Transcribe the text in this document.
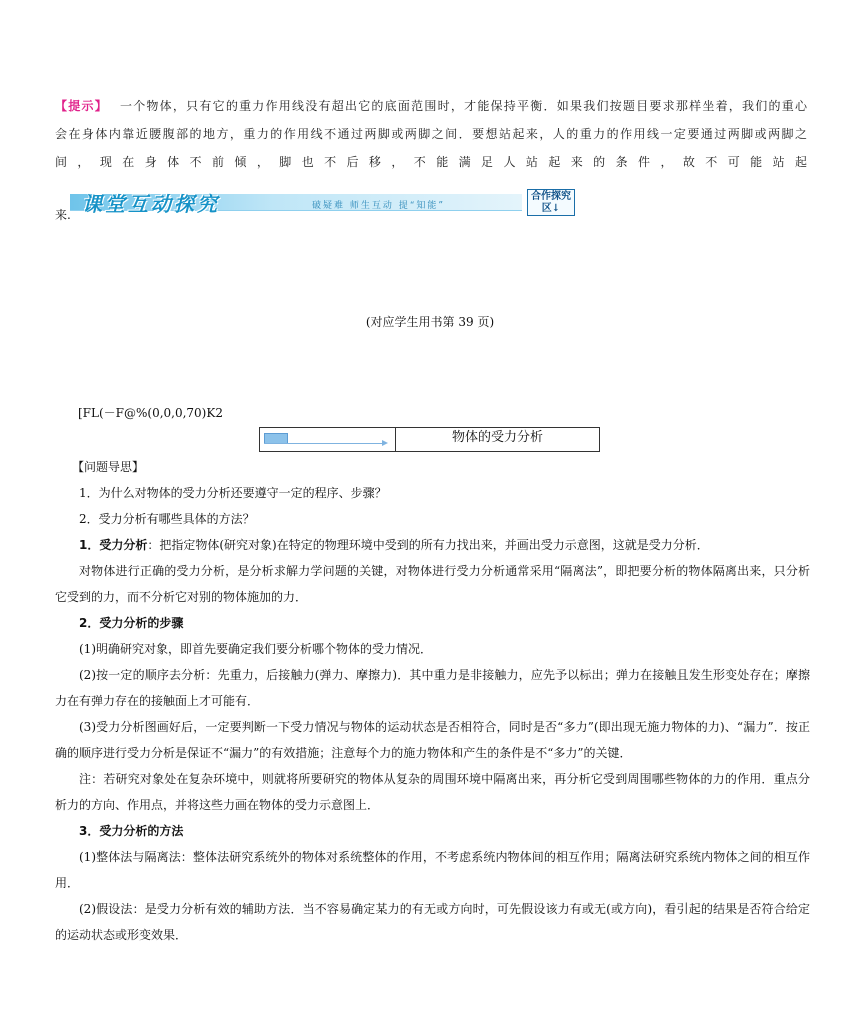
【提示】 一个物体，只有它的重力作用线没有超出它的底面范围时，才能保持平衡．如果我们按题目要求那样坐着，我们的重心会在身体内靠近腰腹部的地方，重力的作用线不通过两脚或两脚之间．要想站起来，人的重力的作用线一定要通过两脚或两脚之间，现在身体不前倾，脚也不后移，不能满足人站起来的条件，故不可能站起
课堂互动探究	破疑难 师生互动 提“知能”
合作探究区↓
来.
(对应学生用书第 39 页)
[FL(－F@%(0,0,0,70)K2
物体的受力分析

【问题导思】

1．为什么对物体的受力分析还要遵守一定的程序、步骤？

2．受力分析有哪些具体的方法？

1．受力分析：把指定物体(研究对象)在特定的物理环境中受到的所有力找出来，并画出受力示意图，这就是受力分析．

对物体进行正确的受力分析，是分析求解力学问题的关键，对物体进行受力分析通常采用“隔离法”，即把要分析的物体隔离出来，只分析它受到的力，而不分析它对别的物体施加的力．

2．受力分析的步骤

(1)明确研究对象，即首先要确定我们要分析哪个物体的受力情况．

(2)按一定的顺序去分析：先重力，后接触力(弹力、摩擦力)．其中重力是非接触力，应先予以标出；弹力在接触且发生形变处存在；摩擦力在有弹力存在的接触面上才可能有．

(3)受力分析图画好后，一定要判断一下受力情况与物体的运动状态是否相符合，同时是否“多力”(即出现无施力物体的力)、“漏力”．按正确的顺序进行受力分析是保证不“漏力”的有效措施；注意每个力的施力物体和产生的条件是不“多力”的关键．

注：若研究对象处在复杂环境中，则就将所要研究的物体从复杂的周围环境中隔离出来，再分析它受到周围哪些物体的力的作用．重点分析力的方向、作用点，并将这些力画在物体的受力示意图上．

3．受力分析的方法

(1)整体法与隔离法：整体法研究系统外的物体对系统整体的作用，不考虑系统内物体间的相互作用；隔离法研究系统内物体之间的相互作用．

(2)假设法：是受力分析有效的辅助方法．当不容易确定某力的有无或方向时，可先假设该力有或无(或方向)，看引起的结果是否符合给定的运动状态或形变效果．
